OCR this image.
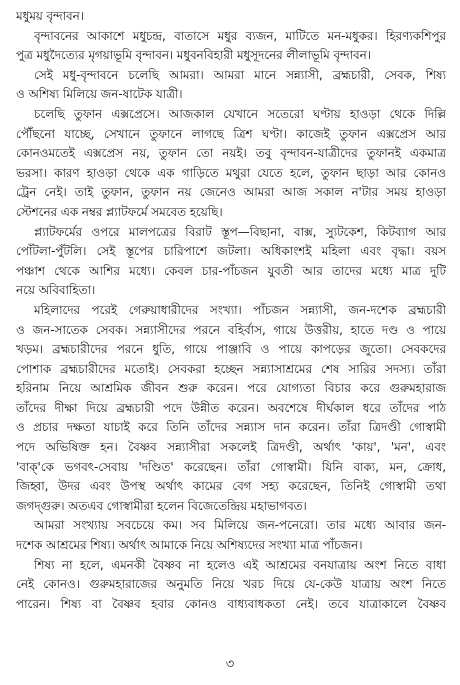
মধুময় বৃন্দাবন।
বৃন্দাবনের আকাশে মধুচন্দ্র, বাতাসে মধুর ব্যজন, মাটিতে মন-মধুকর। হিরণ্যকশিপুর
পুত্র মধুদৈত্যের মৃগয়াভূমি বৃন্দাবন। মধুবনবিহারী মধুসূদনের লীলাভূমি বৃন্দাবন।
সেই মধু-বৃন্দাবনে চলেছি আমরা। আমরা মানে সন্ন্যাসী, ব্রহ্মচারী, সেবক, শিষ্য
ও অশিষ্য মিলিয়ে জন-ষাটেক যাত্রী।
চলেছি তুফান এক্সপ্রেসে। আজকাল যেখানে সতেরো ঘণ্টায় হাওড়া থেকে দিল্লি
পৌঁছনো যাচ্ছে, সেখানে তুফানে লাগছে ত্রিশ ঘণ্টা। কাজেই তুফান এক্সপ্রেস আর
কোনওমতেই এক্সপ্রেস নয়, তুফান তো নয়ই। তবু বৃন্দাবন-যাত্রীদের তুফানই একমাত্র
ভরসা। কারণ হাওড়া থেকে এক গাড়িতে মথুরা যেতে হলে, তুফান ছাড়া আর কোনও
ট্রেন নেই। তাই তুফান, তুফান নয় জেনেও আমরা আজ সকাল ন'টার সময় হাওড়া
স্টেশনের এক নম্বর প্ল্যাটফর্মে সমবেত হয়েছি।
প্ল্যাটফর্মের ওপরে মালপত্রের বিরাট স্তূপ—বিছানা, বাক্স, স্যুটকেশ, কিটব্যাগ আর
পোঁটলা-পুঁটলি। সেই স্তূপের চারিপাশে জটলা। অধিকাংশই মহিলা এবং বৃদ্ধা। বয়স
পঞ্চাশ থেকে আশির মধ্যে। কেবল চার-পাঁচজন যুবতী আর তাদের মধ্যে মাত্র দুটি
নয়ে অবিবাহিতা।
মহিলাদের পরেই গেরুয়াধারীদের সংখ্যা। পাঁচজন সন্ন্যাসী, জন-দশেক ব্রহ্মচারী
ও জন-সাতেক সেবক। সন্ন্যাসীদের পরনে বহির্বাস, গায়ে উত্তরীয়, হাতে দণ্ড ও পায়ে
খড়ম। ব্রহ্মচারীদের পরনে ধুতি, গায়ে পাঞ্জাবি ও পায়ে কাপড়ের জুতো। সেবকদের
পোশাক ব্রহ্মচারীদের মতোই। সেবকরা হচ্ছেন সন্ন্যাসাশ্রমের শেষ সারির সদস্য। তাঁরা
হরিনাম নিয়ে আশ্রমিক জীবন শুরু করেন। পরে যোগ্যতা বিচার করে গুরুমহারাজ
তাঁদের দীক্ষা দিয়ে ব্রহ্মচারী পদে উন্নীত করেন। অবশেষে দীর্ঘকাল ধরে তাঁদের পাঠ
ও প্রচার দক্ষতা যাচাই করে তিনি তাঁদের সন্ন্যাস দান করেন। তাঁরা ত্রিদণ্ডী গোস্বামী
পদে অভিষিক্ত হন। বৈষ্ণব সন্ন্যাসীরা সকলেই ত্রিদণ্ডী, অর্থাৎ 'কায়', 'মন', এবং
'বাক্'কে ভগবৎ-সেবায় 'দণ্ডিত' করেছেন। তাঁরা গোস্বামী। যিনি বাক্য, মন, ক্রোধ,
জিহ্বা, উদর এবং উপস্থ অর্থাৎ কামের বেগ সহ্য করেছেন, তিনিই গোস্বামী তথা
জগদ্গুরু। অতএব গোস্বামীরা হলেন বিজেতেন্দ্রিয় মহাভাগবত।
আমরা সংখ্যায় সবচেয়ে কম। সব মিলিয়ে জন-পনেরো। তার মধ্যে আবার জন-
দশেক আশ্রমের শিষ্য। অর্থাৎ আমাকে নিয়ে অশিষ্যদের সংখ্যা মাত্র পাঁচজন।
শিষ্য না হলে, এমনকী বৈষ্ণব না হলেও এই আশ্রমের বনযাত্রায় অংশ নিতে বাধা
নেই কোনও। গুরুমহারাজের অনুমতি নিয়ে খরচ দিয়ে যে-কেউ যাত্রায় অংশ নিতে
পারেন। শিষ্য বা বৈষ্ণব হবার কোনও বাধ্যবাধকতা নেই। তবে যাত্রাকালে বৈষ্ণব
৩
